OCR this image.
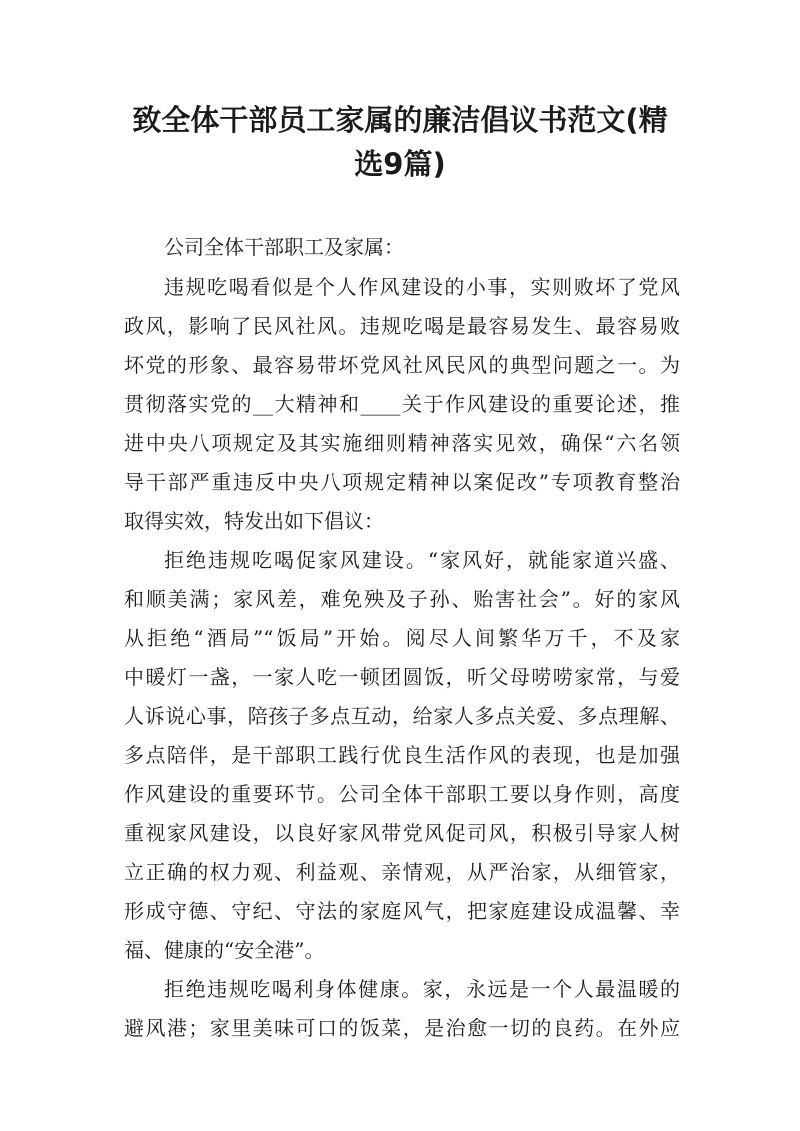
致全体干部员工家属的廉洁倡议书范文(精
选9篇)
公司全体干部职工及家属：
违规吃喝看似是个人作风建设的小事，实则败坏了党风
政风，影响了民风社风。违规吃喝是最容易发生、最容易败
坏党的形象、最容易带坏党风社风民风的典型问题之一。为
贯彻落实党的__大精神和____关于作风建设的重要论述，推
进中央八项规定及其实施细则精神落实见效，确保“六名领
导干部严重违反中央八项规定精神以案促改”专项教育整治
取得实效，特发出如下倡议：
拒绝违规吃喝促家风建设。“家风好，就能家道兴盛、
和顺美满；家风差，难免殃及子孙、贻害社会”。好的家风
从拒绝“酒局”“饭局”开始。阅尽人间繁华万千，不及家
中暖灯一盏，一家人吃一顿团圆饭，听父母唠唠家常，与爱
人诉说心事，陪孩子多点互动，给家人多点关爱、多点理解、
多点陪伴，是干部职工践行优良生活作风的表现，也是加强
作风建设的重要环节。公司全体干部职工要以身作则，高度
重视家风建设，以良好家风带党风促司风，积极引导家人树
立正确的权力观、利益观、亲情观，从严治家，从细管家，
形成守德、守纪、守法的家庭风气，把家庭建设成温馨、幸
福、健康的“安全港”。
拒绝违规吃喝利身体健康。家，永远是一个人最温暖的
避风港；家里美味可口的饭菜，是治愈一切的良药。在外应
